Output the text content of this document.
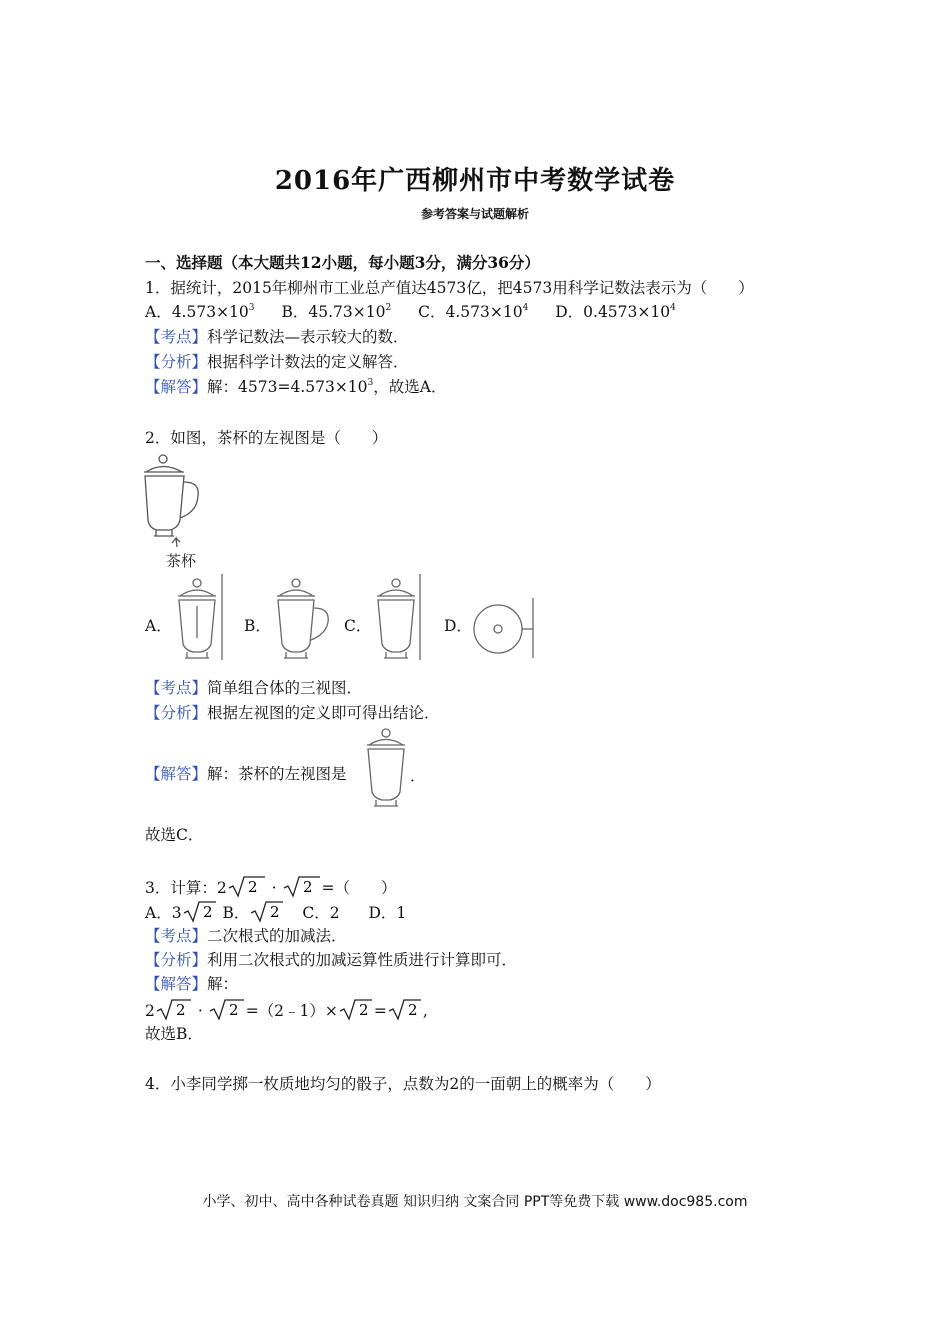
2016年广西柳州市中考数学试卷
参考答案与试题解析
一、选择题（本大题共12小题，每小题3分，满分36分）
1．据统计，2015年柳州市工业总产值达4573亿，把4573用科学记数法表示为（　　）
A．$4.573\times 10^3$ B．$45.73\times 10^2$ C．$4.573\times 10^4$ D．$0.4573\times 10^4$
【考点】科学记数法—表示较大的数．
【分析】根据科学计数法的定义解答．
【解答】解：$4573=4.573\times 10^3$，故选A．
2．如图，茶杯的左视图是（　　）
茶杯
A．	B．	C．	D．
【考点】简单组合体的三视图．
【分析】根据左视图的定义即可得出结论．
【解答】解：茶杯的左视图是	．
故选C．
3．计算：2 2 · 2 =（　　）
A．3 2 B． 2 C．2 D．1
【考点】二次根式的加减法．
【分析】利用二次根式的加减运算性质进行计算即可．
【解答】解：
2 2 · 2 =（2﹣1）× 2 = 2 ,
故选B．
4．小李同学掷一枚质地均匀的骰子，点数为2的一面朝上的概率为（　　）
小学、初中、高中各种试卷真题 知识归纳 文案合同 PPT等免费下载 www.doc985.com
